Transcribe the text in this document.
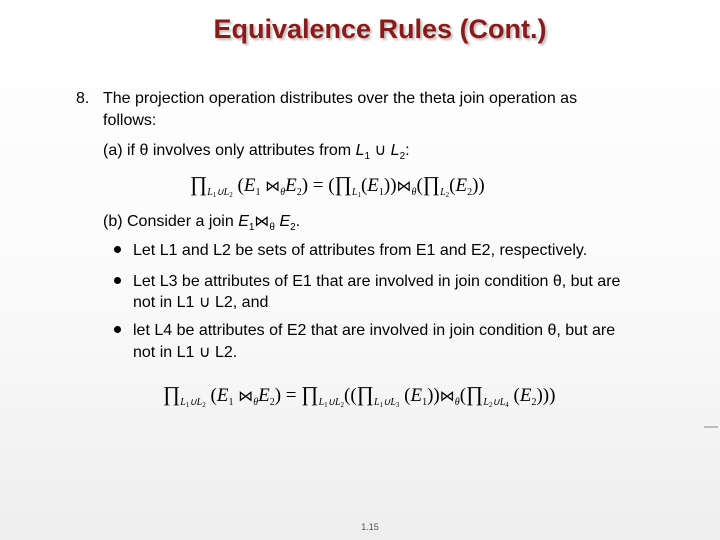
Equivalence Rules (Cont.)
8. The projection operation distributes over the theta join operation as
follows:
(a) if θ involves only attributes from $L_1$ ∪ $L_2$:
$\prod_{L_1\cup L_2}$ ($E_1$ $⋈_\theta E_2$) = $(\prod_{L_1}(E_1))⋈_\theta(\prod_{L_2}(E_2))$
(b) Consider a join $E_1⋈_\theta$ $E_2$.
Let L1 and L2 be sets of attributes from E1 and E2, respectively.
Let L3 be attributes of E1 that are involved in join condition θ, but are
not in L1 ∪ L2, and
let L4 be attributes of E2 that are involved in join condition θ, but are
not in L1 ∪ L2.
$\prod_{L_1\cup L_2}$ ($E_1$ $⋈_\theta E_2$) = $\prod_{L_1\cup L_2}((\prod_{L_1\cup L_3}$ $(E_1))⋈_\theta(\prod_{L_2\cup L_4}$ $(E_2)$))
1.15
